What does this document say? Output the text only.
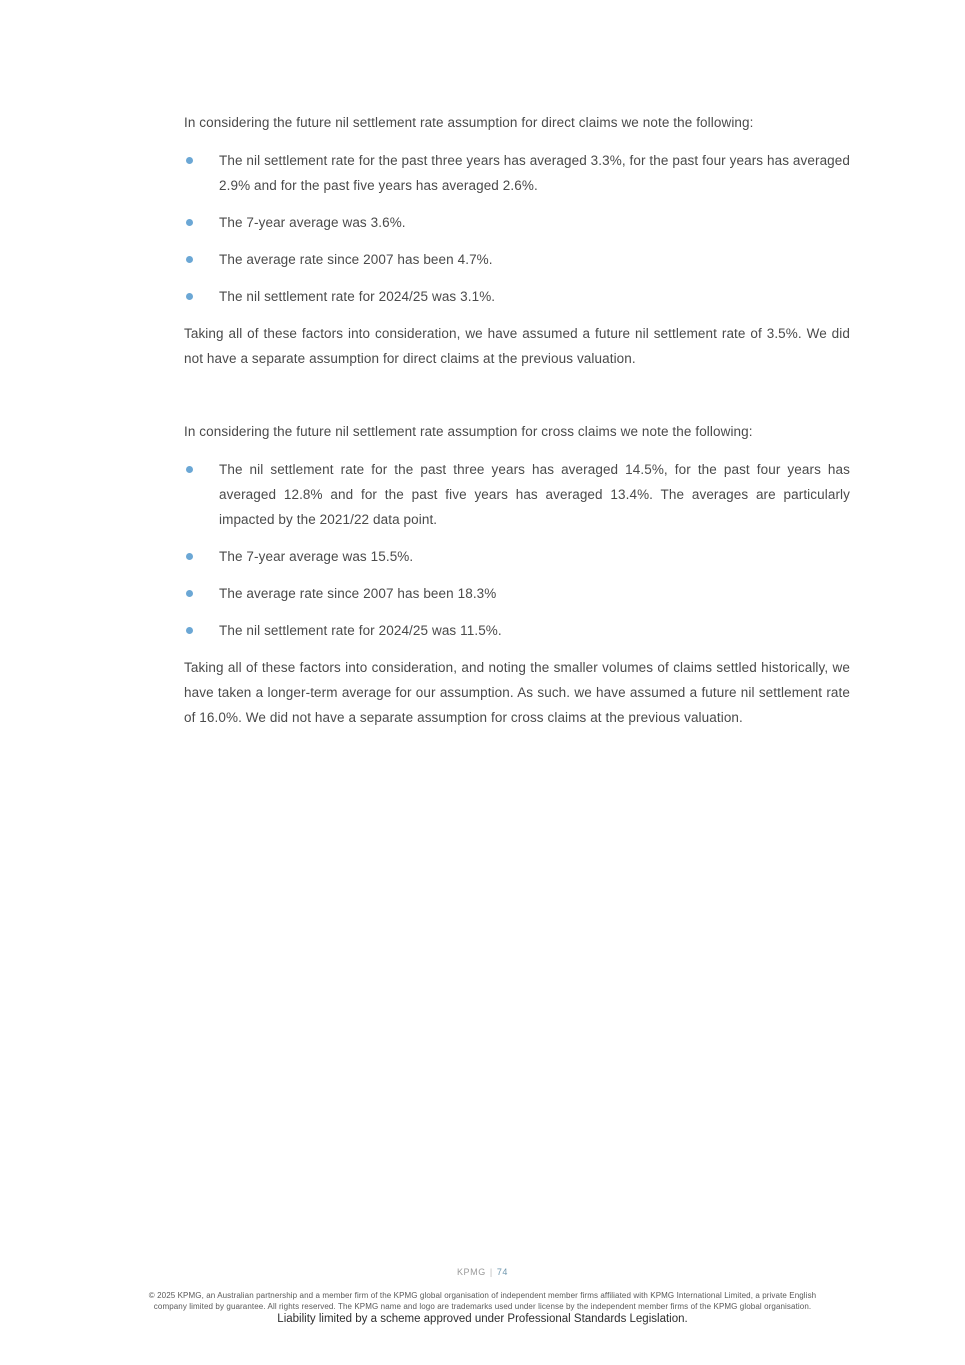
In considering the future nil settlement rate assumption for direct claims we note the following:

The nil settlement rate for the past three years has averaged 3.3%, for the past four years has averaged 2.9% and for the past five years has averaged 2.6%.
The 7-year average was 3.6%.
The average rate since 2007 has been 4.7%.
The nil settlement rate for 2024/25 was 3.1%.

Taking all of these factors into consideration, we have assumed a future nil settlement rate of 3.5%. We did not have a separate assumption for direct claims at the previous valuation.

In considering the future nil settlement rate assumption for cross claims we note the following:

The nil settlement rate for the past three years has averaged 14.5%, for the past four years has averaged 12.8% and for the past five years has averaged 13.4%. The averages are particularly impacted by the 2021/22 data point.
The 7-year average was 15.5%.
The average rate since 2007 has been 18.3%
The nil settlement rate for 2024/25 was 11.5%.

Taking all of these factors into consideration, and noting the smaller volumes of claims settled historically, we have taken a longer-term average for our assumption. As such. we have assumed a future nil settlement rate of 16.0%. We did not have a separate assumption for cross claims at the previous valuation.

KPMG | 74
© 2025 KPMG, an Australian partnership and a member firm of the KPMG global organisation of independent member firms affiliated with KPMG International Limited, a private English
company limited by guarantee. All rights reserved. The KPMG name and logo are trademarks used under license by the independent member firms of the KPMG global organisation.
Liability limited by a scheme approved under Professional Standards Legislation.
